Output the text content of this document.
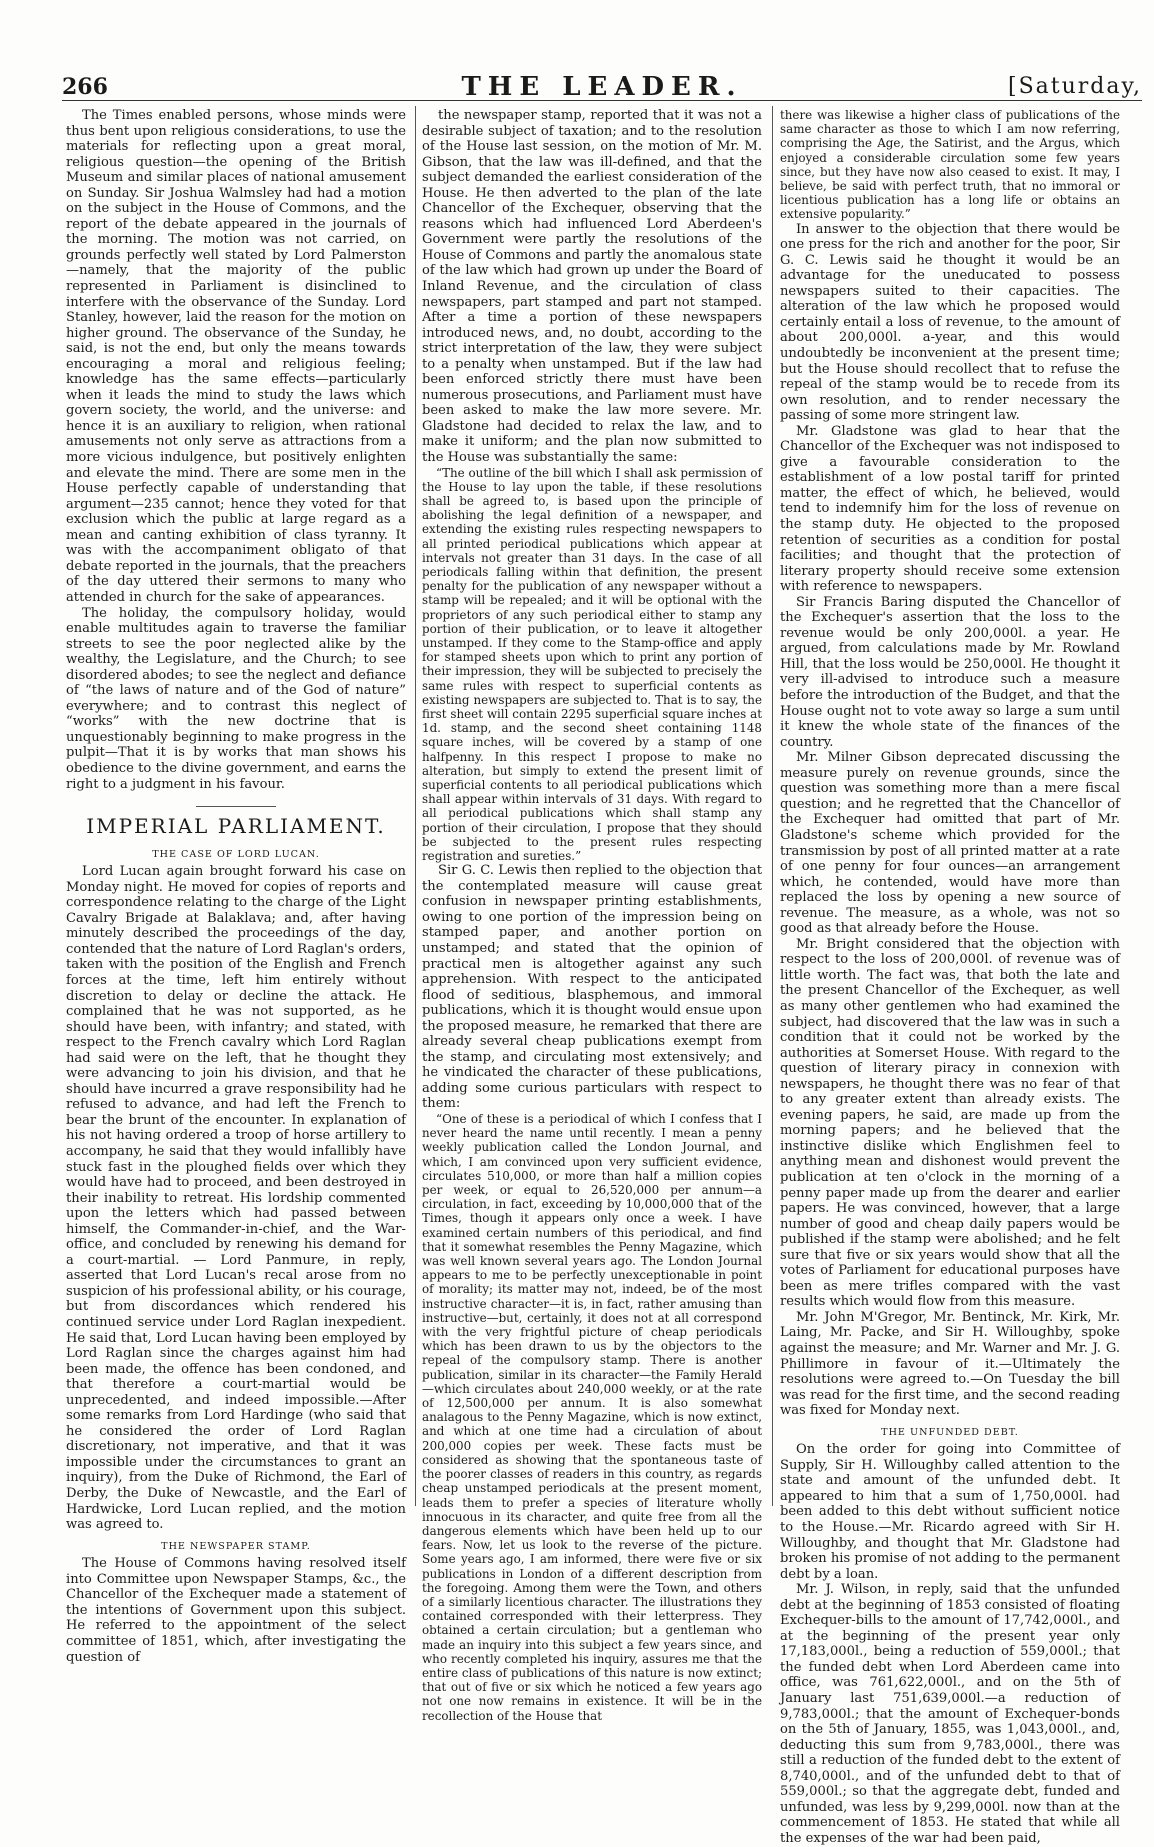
266	THE LEADER.	[Saturday,

The Times enabled persons, whose minds were thus bent upon religious considerations, to use the materials for reflecting upon a great moral, religious question—the opening of the British Museum and similar places of national amusement on Sunday. Sir Joshua Walmsley had had a motion on the subject in the House of Commons, and the report of the debate appeared in the journals of the morning. The motion was not carried, on grounds perfectly well stated by Lord Palmerston—namely, that the majority of the public represented in Parliament is disinclined to interfere with the observance of the Sunday. Lord Stanley, however, laid the reason for the motion on higher ground. The observance of the Sunday, he said, is not the end, but only the means towards encouraging a moral and religious feeling; knowledge has the same effects—particularly when it leads the mind to study the laws which govern society, the world, and the universe: and hence it is an auxiliary to religion, when rational amusements not only serve as attractions from a more vicious indulgence, but positively enlighten and elevate the mind. There are some men in the House perfectly capable of understanding that argument—235 cannot; hence they voted for that exclusion which the public at large regard as a mean and canting exhibition of class tyranny. It was with the accompaniment obligato of that debate reported in the journals, that the preachers of the day uttered their sermons to many who attended in church for the sake of appearances.

The holiday, the compulsory holiday, would enable multitudes again to traverse the familiar streets to see the poor neglected alike by the wealthy, the Legislature, and the Church; to see disordered abodes; to see the neglect and defiance of “the laws of nature and of the God of nature” everywhere; and to contrast this neglect of “works” with the new doctrine that is unquestionably beginning to make progress in the pulpit—That it is by works that man shows his obedience to the divine government, and earns the right to a judgment in his favour.

IMPERIAL PARLIAMENT.
THE CASE OF LORD LUCAN.

Lord Lucan again brought forward his case on Monday night. He moved for copies of reports and correspondence relating to the charge of the Light Cavalry Brigade at Balaklava; and, after having minutely described the proceedings of the day, contended that the nature of Lord Raglan's orders, taken with the position of the English and French forces at the time, left him entirely without discretion to delay or decline the attack. He complained that he was not supported, as he should have been, with infantry; and stated, with respect to the French cavalry which Lord Raglan had said were on the left, that he thought they were advancing to join his division, and that he should have incurred a grave responsibility had he refused to advance, and had left the French to bear the brunt of the encounter. In explanation of his not having ordered a troop of horse artillery to accompany, he said that they would infallibly have stuck fast in the ploughed fields over which they would have had to proceed, and been destroyed in their inability to retreat. His lordship commented upon the letters which had passed between himself, the Commander-in-chief, and the War-office, and concluded by renewing his demand for a court-martial. — Lord Panmure, in reply, asserted that Lord Lucan's recal arose from no suspicion of his professional ability, or his courage, but from discordances which rendered his continued service under Lord Raglan inexpedient. He said that, Lord Lucan having been employed by Lord Raglan since the charges against him had been made, the offence has been condoned, and that therefore a court-martial would be unprecedented, and indeed impossible.—After some remarks from Lord Hardinge (who said that he considered the order of Lord Raglan discretionary, not imperative, and that it was impossible under the circumstances to grant an inquiry), from the Duke of Richmond, the Earl of Derby, the Duke of Newcastle, and the Earl of Hardwicke, Lord Lucan replied, and the motion was agreed to.

THE NEWSPAPER STAMP.

The House of Commons having resolved itself into Committee upon Newspaper Stamps, &c., the Chancellor of the Exchequer made a statement of the intentions of Government upon this subject. He referred to the appointment of the select committee of 1851, which, after investigating the question of

the newspaper stamp, reported that it was not a desirable subject of taxation; and to the resolution of the House last session, on the motion of Mr. M. Gibson, that the law was ill-defined, and that the subject demanded the earliest consideration of the House. He then adverted to the plan of the late Chancellor of the Exchequer, observing that the reasons which had influenced Lord Aberdeen's Government were partly the resolutions of the House of Commons and partly the anomalous state of the law which had grown up under the Board of Inland Revenue, and the circulation of class newspapers, part stamped and part not stamped. After a time a portion of these newspapers introduced news, and, no doubt, according to the strict interpretation of the law, they were subject to a penalty when unstamped. But if the law had been enforced strictly there must have been numerous prosecutions, and Parliament must have been asked to make the law more severe. Mr. Gladstone had decided to relax the law, and to make it uniform; and the plan now submitted to the House was substantially the same:

“The outline of the bill which I shall ask permission of the House to lay upon the table, if these resolutions shall be agreed to, is based upon the principle of abolishing the legal definition of a newspaper, and extending the existing rules respecting newspapers to all printed periodical publications which appear at intervals not greater than 31 days. In the case of all periodicals falling within that definition, the present penalty for the publication of any newspaper without a stamp will be repealed; and it will be optional with the proprietors of any such periodical either to stamp any portion of their publication, or to leave it altogether unstamped. If they come to the Stamp-office and apply for stamped sheets upon which to print any portion of their impression, they will be subjected to precisely the same rules with respect to superficial contents as existing newspapers are subjected to. That is to say, the first sheet will contain 2295 superficial square inches at 1d. stamp, and the second sheet containing 1148 square inches, will be covered by a stamp of one halfpenny. In this respect I propose to make no alteration, but simply to extend the present limit of superficial contents to all periodical publications which shall appear within intervals of 31 days. With regard to all periodical publications which shall stamp any portion of their circulation, I propose that they should be subjected to the present rules respecting registration and sureties.”

Sir G. C. Lewis then replied to the objection that the contemplated measure will cause great confusion in newspaper printing establishments, owing to one portion of the impression being on stamped paper, and another portion on unstamped; and stated that the opinion of practical men is altogether against any such apprehension. With respect to the anticipated flood of seditious, blasphemous, and immoral publications, which it is thought would ensue upon the proposed measure, he remarked that there are already several cheap publications exempt from the stamp, and circulating most extensively; and he vindicated the character of these publications, adding some curious particulars with respect to them:

“One of these is a periodical of which I confess that I never heard the name until recently. I mean a penny weekly publication called the London Journal, and which, I am convinced upon very sufficient evidence, circulates 510,000, or more than half a million copies per week, or equal to 26,520,000 per annum—a circulation, in fact, exceeding by 10,000,000 that of the Times, though it appears only once a week. I have examined certain numbers of this periodical, and find that it somewhat resembles the Penny Magazine, which was well known several years ago. The London Journal appears to me to be perfectly unexceptionable in point of morality; its matter may not, indeed, be of the most instructive character—it is, in fact, rather amusing than instructive—but, certainly, it does not at all correspond with the very frightful picture of cheap periodicals which has been drawn to us by the objectors to the repeal of the compulsory stamp. There is another publication, similar in its character—the Family Herald—which circulates about 240,000 weekly, or at the rate of 12,500,000 per annum. It is also somewhat analagous to the Penny Magazine, which is now extinct, and which at one time had a circulation of about 200,000 copies per week. These facts must be considered as showing that the spontaneous taste of the poorer classes of readers in this country, as regards cheap unstamped periodicals at the present moment, leads them to prefer a species of literature wholly innocuous in its character, and quite free from all the dangerous elements which have been held up to our fears. Now, let us look to the reverse of the picture. Some years ago, I am informed, there were five or six publications in London of a different description from the foregoing. Among them were the Town, and others of a similarly licentious character. The illustrations they contained corresponded with their letterpress. They obtained a certain circulation; but a gentleman who made an inquiry into this subject a few years since, and who recently completed his inquiry, assures me that the entire class of publications of this nature is now extinct; that out of five or six which he noticed a few years ago not one now remains in existence. It will be in the recollection of the House that

there was likewise a higher class of publications of the same character as those to which I am now referring, comprising the Age, the Satirist, and the Argus, which enjoyed a considerable circulation some few years since, but they have now also ceased to exist. It may, I believe, be said with perfect truth, that no immoral or licentious publication has a long life or obtains an extensive popularity.”

In answer to the objection that there would be one press for the rich and another for the poor, Sir G. C. Lewis said he thought it would be an advantage for the uneducated to possess newspapers suited to their capacities. The alteration of the law which he proposed would certainly entail a loss of revenue, to the amount of about 200,000l. a-year, and this would undoubtedly be inconvenient at the present time; but the House should recollect that to refuse the repeal of the stamp would be to recede from its own resolution, and to render necessary the passing of some more stringent law.

Mr. Gladstone was glad to hear that the Chancellor of the Exchequer was not indisposed to give a favourable consideration to the establishment of a low postal tariff for printed matter, the effect of which, he believed, would tend to indemnify him for the loss of revenue on the stamp duty. He objected to the proposed retention of securities as a condition for postal facilities; and thought that the protection of literary property should receive some extension with reference to newspapers.

Sir Francis Baring disputed the Chancellor of the Exchequer's assertion that the loss to the revenue would be only 200,000l. a year. He argued, from calculations made by Mr. Rowland Hill, that the loss would be 250,000l. He thought it very ill-advised to introduce such a measure before the introduction of the Budget, and that the House ought not to vote away so large a sum until it knew the whole state of the finances of the country.

Mr. Milner Gibson deprecated discussing the measure purely on revenue grounds, since the question was something more than a mere fiscal question; and he regretted that the Chancellor of the Exchequer had omitted that part of Mr. Gladstone's scheme which provided for the transmission by post of all printed matter at a rate of one penny for four ounces—an arrangement which, he contended, would have more than replaced the loss by opening a new source of revenue. The measure, as a whole, was not so good as that already before the House.

Mr. Bright considered that the objection with respect to the loss of 200,000l. of revenue was of little worth. The fact was, that both the late and the present Chancellor of the Exchequer, as well as many other gentlemen who had examined the subject, had discovered that the law was in such a condition that it could not be worked by the authorities at Somerset House. With regard to the question of literary piracy in connexion with newspapers, he thought there was no fear of that to any greater extent than already exists. The evening papers, he said, are made up from the morning papers; and he believed that the instinctive dislike which Englishmen feel to anything mean and dishonest would prevent the publication at ten o'clock in the morning of a penny paper made up from the dearer and earlier papers. He was convinced, however, that a large number of good and cheap daily papers would be published if the stamp were abolished; and he felt sure that five or six years would show that all the votes of Parliament for educational purposes have been as mere trifles compared with the vast results which would flow from this measure.

Mr. John M'Gregor, Mr. Bentinck, Mr. Kirk, Mr. Laing, Mr. Packe, and Sir H. Willoughby, spoke against the measure; and Mr. Warner and Mr. J. G. Phillimore in favour of it.—Ultimately the resolutions were agreed to.—On Tuesday the bill was read for the first time, and the second reading was fixed for Monday next.

THE UNFUNDED DEBT.

On the order for going into Committee of Supply, Sir H. Willoughby called attention to the state and amount of the unfunded debt. It appeared to him that a sum of 1,750,000l. had been added to this debt without sufficient notice to the House.—Mr. Ricardo agreed with Sir H. Willoughby, and thought that Mr. Gladstone had broken his promise of not adding to the permanent debt by a loan.

Mr. J. Wilson, in reply, said that the unfunded debt at the beginning of 1853 consisted of floating Exchequer-bills to the amount of 17,742,000l., and at the beginning of the present year only 17,183,000l., being a reduction of 559,000l.; that the funded debt when Lord Aberdeen came into office, was 761,622,000l., and on the 5th of January last 751,639,000l.—a reduction of 9,783,000l.; that the amount of Exchequer-bonds on the 5th of January, 1855, was 1,043,000l., and, deducting this sum from 9,783,000l., there was still a reduction of the funded debt to the extent of 8,740,000l., and of the unfunded debt to that of 559,000l.; so that the aggregate debt, funded and unfunded, was less by 9,299,000l. now than at the commencement of 1853. He stated that while all the expenses of the war had been paid,
